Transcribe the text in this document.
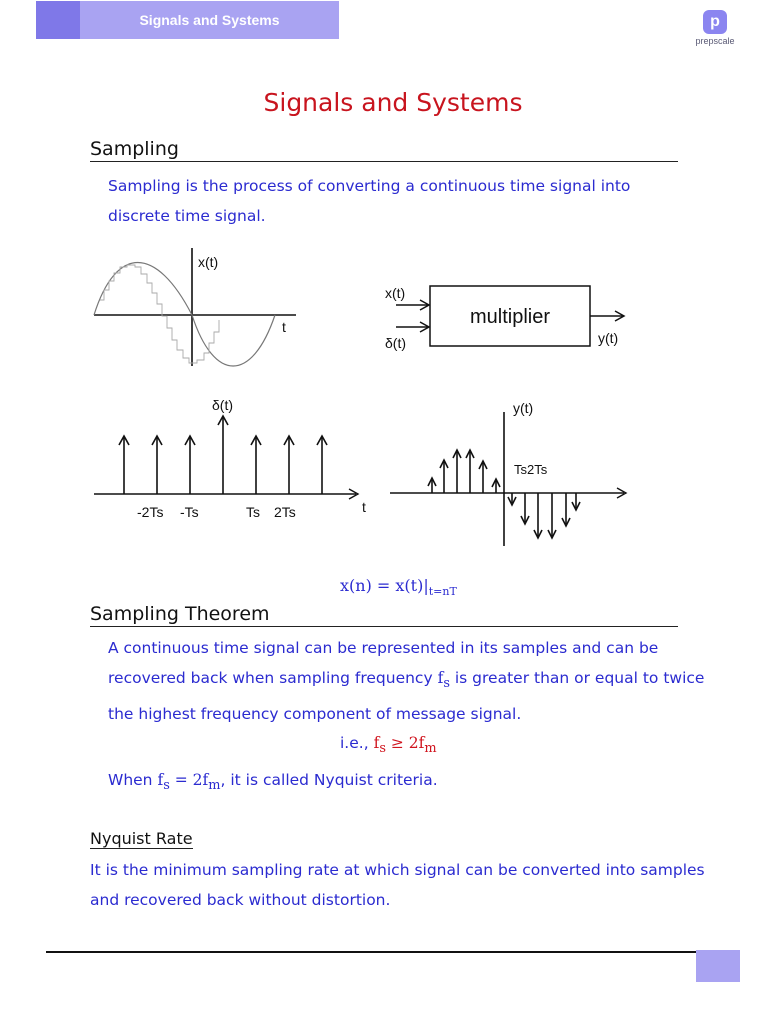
Signals and Systems	p
prepscale
Signals and Systems
Sampling
Sampling is the process of converting a continuous time signal into discrete time signal.
x(t)
t	multiplier
x(t)
δ(t)	y(t)
δ(t)
-2Ts -Ts	Ts 2Ts	t
y(t)
Ts2Ts
$x(n) = x(t)|_{t=nT}$
Sampling Theorem
A continuous time signal can be represented in its samples and can be recovered back when sampling frequency $f_s$ is greater than or equal to twice the highest frequency component of message signal.
i.e., $f_s \ge 2f_m$
When $f_s = 2f_m$, it is called Nyquist criteria.
Nyquist Rate
It is the minimum sampling rate at which signal can be converted into samples and recovered back without distortion.
